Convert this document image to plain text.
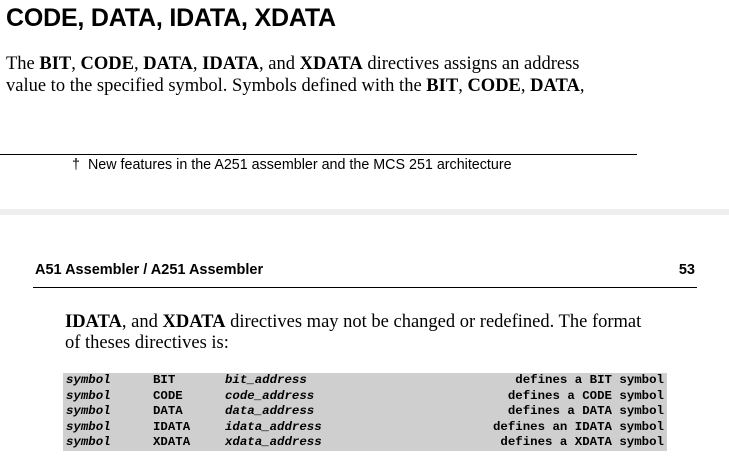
CODE, DATA, IDATA, XDATA
The BIT, CODE, DATA, IDATA, and XDATA directives assigns an address
value to the specified symbol. Symbols defined with the BIT, CODE, DATA,
† New features in the A251 assembler and the MCS 251 architecture
A51 Assembler / A251 Assembler	53
IDATA, and XDATA directives may not be changed or redefined. The format
of theses directives is:
symbol	BIT	bit_address	defines a BIT symbol
symbol	CODE	code_address	defines a CODE symbol
symbol	DATA	data_address	defines a DATA symbol
symbol	IDATA	idata_address	defines an IDATA symbol
symbol	XDATA	xdata_address	defines a XDATA symbol
